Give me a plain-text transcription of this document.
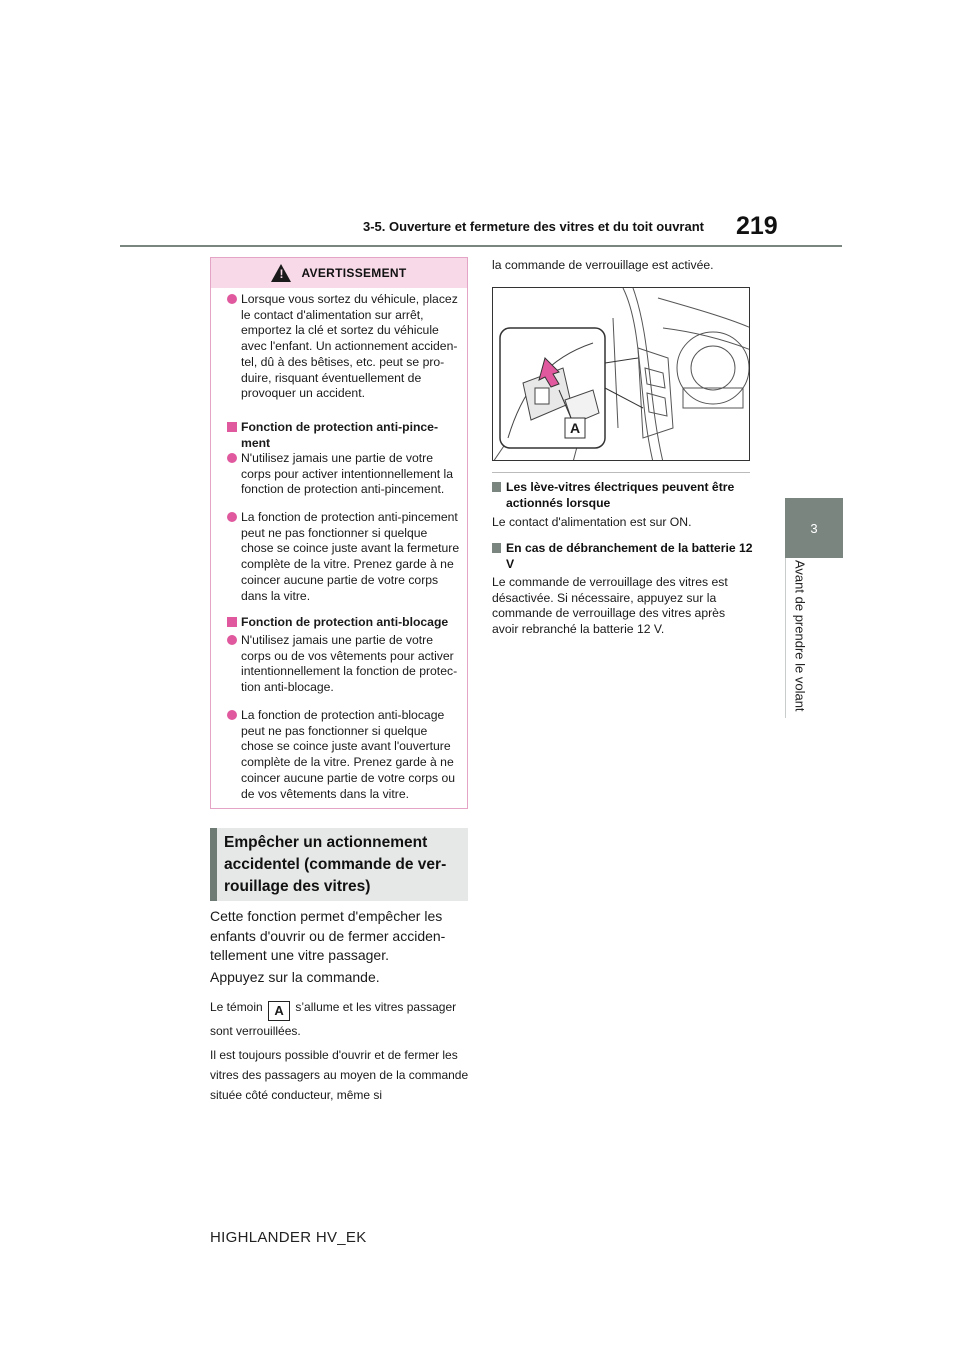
3-5. Ouverture et fermeture des vitres et du toit ouvrant 219
3
Avant de prendre le volant
!
AVERTISSEMENT
Lorsque vous sortez du véhicule, placez le contact d'alimentation sur arrêt, emportez la clé et sortez du véhicule avec l'enfant. Un actionnement acciden-tel, dû à des bêtises, etc. peut se pro-duire, risquant éventuellement de provoquer un accident.
Fonction de protection anti-pince-ment
N'utilisez jamais une partie de votre corps pour activer intentionnellement la fonction de protection anti-pincement.
La fonction de protection anti-pincement peut ne pas fonctionner si quelque chose se coince juste avant la fermeture complète de la vitre. Prenez garde à ne coincer aucune partie de votre corps dans la vitre.
Fonction de protection anti-blocage
N'utilisez jamais une partie de votre corps ou de vos vêtements pour activer intentionnellement la fonction de protec-tion anti-blocage.
La fonction de protection anti-blocage peut ne pas fonctionner si quelque chose se coince juste avant l'ouverture complète de la vitre. Prenez garde à ne coincer aucune partie de votre corps ou de vos vêtements dans la vitre.
Empêcher un actionnement accidentel (commande de ver-rouillage des vitres)
Cette fonction permet d'empêcher les enfants d'ouvrir ou de fermer acciden-tellement une vitre passager.
Appuyez sur la commande.
Le témoin A s’allume et les vitres passager sont verrouillées.
Il est toujours possible d'ouvrir et de fermer les vitres des passagers au moyen de la commande située côté conducteur, même si
la commande de verrouillage est activée.
A
Les lève-vitres électriques peuvent être actionnés lorsque
Le contact d'alimentation est sur ON.
En cas de débranchement de la batterie 12 V
Le commande de verrouillage des vitres est désactivée. Si nécessaire, appuyez sur la commande de verrouillage des vitres après avoir rebranché la batterie 12 V.
HIGHLANDER HV_EK
